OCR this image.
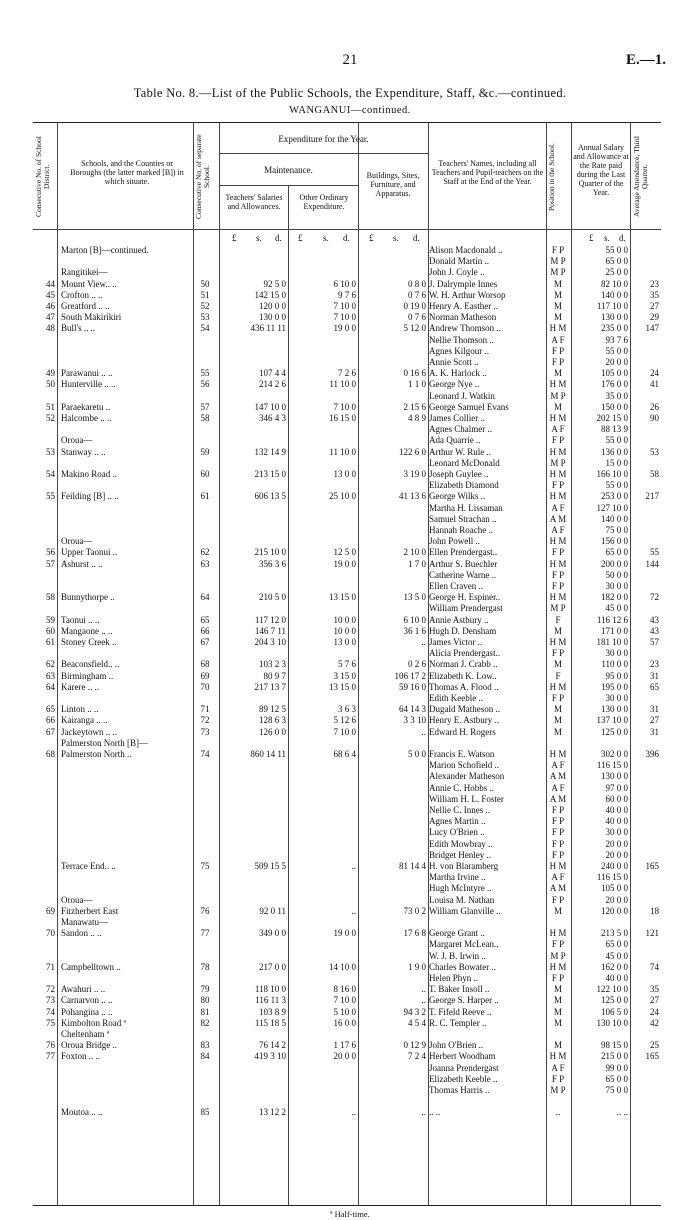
21	E.—1.
Table No. 8.—List of the Public Schools, the Expenditure, Staff, &c.—continued.
WANGANUI—continued.
Consecutive No. of School District.
Schools, and the Counties or Boroughs (the latter marked [B]) in which situate.	Consecutive No. of separate School.
Expenditure for the Year.
Maintenance.
Teachers' Salaries and Allowances.
Other Ordinary Expenditure.
Buildings, Sites, Furniture, and Apparatus.
Teachers' Names, including all Teachers and Pupil-teachers on the Staff at the End of the Year.	Position in the School.	Annual Salary and Allowance at the Rate paid during the Last Quarter of the Year.	Average Attendance, Third Quarter.
£ s. d. £ s. d. £ s. d.	£ s. d.
Marton [B]—continued.	Alison Macdonald ..	F P	55 0 0
Donald Martin ..	M P	65 0 0
Rangitikei—	John J. Coyle ..	M P	25 0 0
44 Mount View.. ..	50	92 5 0	6 10 0	0 8 0 J. Dalrymple Innes	M	82 10 0	23
45 Crofton .. ..	51	142 15 0	9 7 6	0 7 6 W. H. Arthur Worsop	M	140 0 0	35
46 Greatford .. ..	52	120 0 0	7 10 0	0 19 0 Henry A. Easther ..	M	117 10 0	27
47 South Makirikiri	53	130 0 0	7 10 0	0 7 6 Norman Matheson	M	130 0 0	29
48 Bull's .. ..	54	436 11 11	19 0 0	5 12 0 Andrew Thomson ..	H M	235 0 0	147
Nellie Thomson ..	A F	93 7 6
Agnes Kilgour ..	F P	55 0 0
Annie Scott ..	F P	20 0 0
49 Parawanui .. ..	55	107 4 4	7 2 6	0 16 6 A. K. Harlock ..	M	105 0 0	24
50 Hunterville .. ..	56	214 2 6	11 10 0	1 1 0 George Nye ..	H M	176 0 0	41
Leonard J. Watkin	M P	35 0 0
51 Paraekaretu ..	57	147 10 0	7 10 0	2 15 6 George Samuel Evans	M	150 0 0	26
52 Halcombe .. ..	58	346 4 3	16 15 0	4 8 9 James Collier ..	H M	202 15 0	90
Agnes Chalmer ..	A F	88 13 9
Oroua—	Ada Quarrie ..	F P	55 0 0
53 Stanway .. ..	59	132 14 9	11 10 0	122 6 0 Arthur W. Rule ..	H M	136 0 0	53
Leonard McDonald	M P	15 0 0
54 Makino Road ..	60	213 15 0	13 0 0	3 19 0 Joseph Guylee ..	H M	166 10 0	58
Elizabeth Diamond	F P	55 0 0
55 Feilding [B] .. ..	61	606 13 5	25 10 0	41 13 6 George Wilks ..	H M	253 0 0	217
Martha H. Lissaman	A F	127 10 0
Samuel Strachan ..	A M	140 0 0
Hannah Roache ..	A F	75 0 0
Oroua—	John Powell ..	H M	156 0 0
56 Upper Taonui ..	62	215 10 0	12 5 0	2 10 0 Ellen Prendergast..	F P	65 0 0	55
57 Ashurst .. ..	63	356 3 6	19 0 0	1 7 0 Arthur S. Buechler	H M	200 0 0	144
Catherine Warne ..	F P	50 0 0
Ellen Craven ..	F P	30 0 0
58 Bunnythorpe ..	64	210 5 0	13 15 0	13 5 0 George H. Espiner..	H M	182 0 0	72
William Prendergast	M P	45 0 0
59 Taonui .. ..	65	117 12 0	10 0 0	6 10 0 Annie Astbury ..	F	116 12 6	43
60 Mangaone .. ..	66	146 7 11	10 0 0	36 1 6 Hugh D. Densham	M	171 0 0	43
61 Stoney Creek ..	67	204 3 10	13 0 0	.. James Victor ..	H M	181 10 0	57
Alicia Prendergast..	F P	30 0 0
62 Beaconsfield.. ..	68	103 2 3	5 7 6	0 2 6 Norman J. Crabb ..	M	110 0 0	23
63 Birmingham ..	69	80 9 7	3 15 0	106 17 2 Elizabeth K. Low..	F	95 0 0	31
64 Karere .. ..	70	217 13 7	13 15 0	59 16 0 Thomas A. Flood ..	H M	195 0 0	65
Edith Keeble ..	F P	30 0 0
65 Linton .. ..	71	89 12 5	3 6 3	64 14 3 Dugald Matheson ..	M	130 0 0	31
66 Kairanga .. ..	72	128 6 3	5 12 6	3 3 10 Henry E. Astbury ..	M	137 10 0	27
67 Jackeytown .. ..	73	126 0 0	7 10 0	.. Edward H. Rogers	M	125 0 0	31
Palmerston North [B]—
68 Palmerston North ..	74	860 14 11	68 6 4	5 0 0 Francis E. Watson	H M	302 0 0	396
Marion Schofield ..	A F	116 15 0
Alexander Matheson	A M	130 0 0
Annie C. Hobbs ..	A F	97 0 0
William H. L. Foster	A M	60 0 0
Nellie C. Innes ..	F P	40 0 0
Agnes Martin ..	F P	40 0 0
Lucy O'Brien ..	F P	30 0 0
Edith Mowbray ..	F P	20 0 0
Bridget Henley ..	F P	20 0 0
Terrace End.. ..	75	509 15 5	..	81 14 4 H. von Blaramberg	H M	240 0 0	165
Martha Irvine ..	A F	116 15 0
Hugh McIntyre ..	A M	105 0 0
Oroua—	Louisa M. Nathan	F P	20 0 0
69 Fitzherbert East	76	92 0 11	..	73 0 2 William Glanville ..	M	120 0 0	18
Manawatu—
70 Sandon .. ..	77	349 0 0	19 0 0	17 6 8 George Grant ..	H M	213 5 0	121
Margaret McLean..	F P	65 0 0
W. J. B. Irwin ..	M P	45 0 0
71 Campbelltown ..	78	217 0 0	14 10 0	1 9 0 Charles Bowater ..	H M	162 0 0	74
Helen Phyn ..	F P	40 0 0
72 Awahuri .. ..	79	118 10 0	8 16 0	.. T. Baker Insoll ..	M	122 10 0	35
73 Carnarvon .. ..	80	116 11 3	7 10 0	.. George S. Harper ..	M	125 0 0	27
74 Pohangina .. ..	81	103 8 9	5 10 0	94 3 2 T. Fifeld Reeve ..	M	106 5 0	24
75 Kimbolton Road ª	82	115 18 5	16 0 0	4 5 4 R. C. Templer ..	M	130 10 0	42
Cheltenham ª
76 Oroua Bridge ..	83	76 14 2	1 17 6	0 12 9 John O'Brien ..	M	98 15 0	25
77 Foxton .. ..	84	419 3 10	20 0 0	7 2 4 Herbert Woodham	H M	215 0 0	165
Joanna Prendergast	A F	99 0 0
Elizabeth Keeble ..	F P	65 0 0
Thomas Harris ..	M P	75 0 0
Moutoa .. ..	85	13 12 2	..	.. .. ..	..	.. ..
ª Half-time.
